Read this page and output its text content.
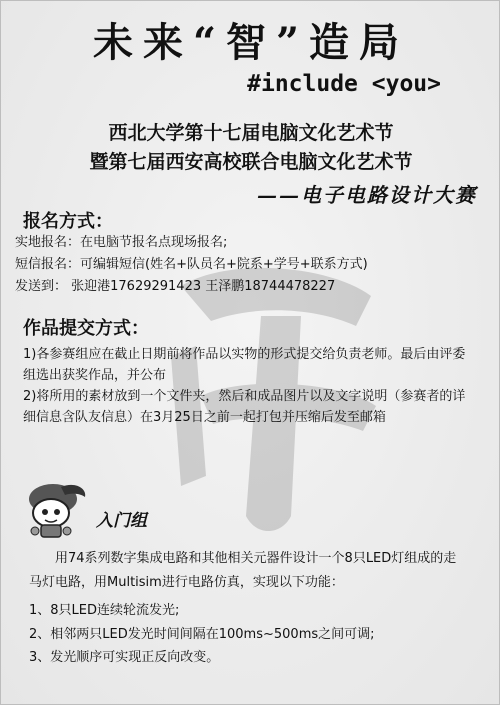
未来“智”造局
#include <you>
西北大学第十七届电脑文化艺术节
暨第七届西安高校联合电脑文化艺术节
——电子电路设计大赛
报名方式：
实地报名：在电脑节报名点现场报名;
短信报名：可编辑短信(姓名+队员名+院系+学号+联系方式)
发送到： 张迎港17629291423 王泽鹏18744478227
作品提交方式：
1)各参赛组应在截止日期前将作品以实物的形式提交给负责老师。最后由评委组选出获奖作品，并公布
2)将所用的素材放到一个文件夹，然后和成品图片以及文字说明（参赛者的详细信息含队友信息）在3月25日之前一起打包并压缩后发至邮箱
入门组
用74系列数字集成电路和其他相关元器件设计一个8只LED灯组成的走马灯电路，用Multisim进行电路仿真，实现以下功能：
1、8只LED连续轮流发光;
2、相邻两只LED发光时间间隔在100ms~500ms之间可调;
3、发光顺序可实现正反向改变。
